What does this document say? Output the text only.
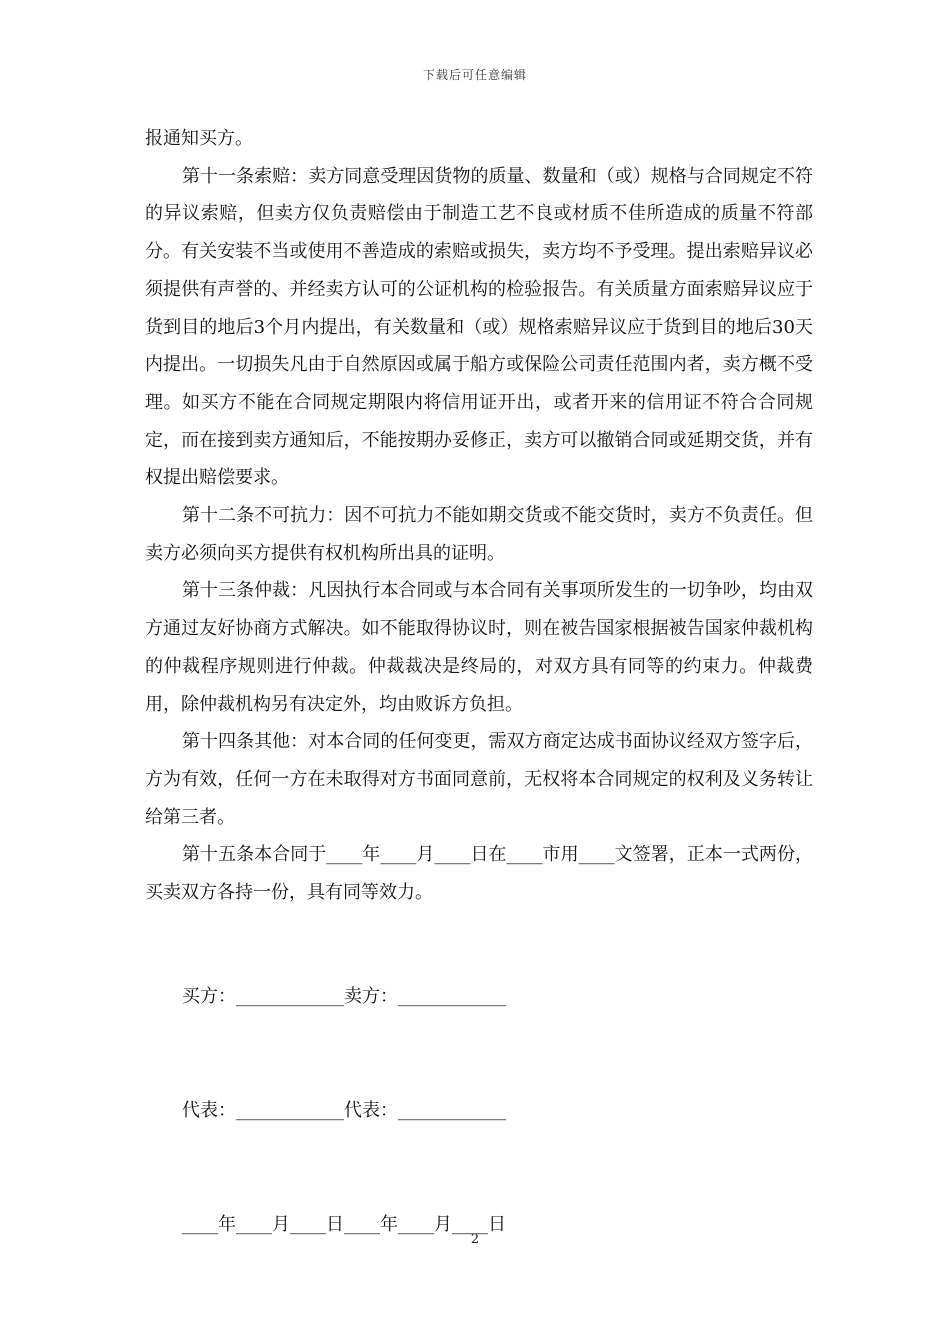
下载后可任意编辑

报通知买方。

第十一条索赔：卖方同意受理因货物的质量、数量和（或）规格与合同规定不符的异议索赔，但卖方仅负责赔偿由于制造工艺不良或材质不佳所造成的质量不符部分。有关安装不当或使用不善造成的索赔或损失，卖方均不予受理。提出索赔异议必须提供有声誉的、并经卖方认可的公证机构的检验报告。有关质量方面索赔异议应于货到目的地后3个月内提出，有关数量和（或）规格索赔异议应于货到目的地后30天内提出。一切损失凡由于自然原因或属于船方或保险公司责任范围内者，卖方概不受理。如买方不能在合同规定期限内将信用证开出，或者开来的信用证不符合合同规定，而在接到卖方通知后，不能按期办妥修正，卖方可以撤销合同或延期交货，并有权提出赔偿要求。

第十二条不可抗力：因不可抗力不能如期交货或不能交货时，卖方不负责任。但卖方必须向买方提供有权机构所出具的证明。

第十三条仲裁：凡因执行本合同或与本合同有关事项所发生的一切争吵，均由双方通过友好协商方式解决。如不能取得协议时，则在被告国家根据被告国家仲裁机构的仲裁程序规则进行仲裁。仲裁裁决是终局的，对双方具有同等的约束力。仲裁费用，除仲裁机构另有决定外，均由败诉方负担。

第十四条其他：对本合同的任何变更，需双方商定达成书面协议经双方签字后，方为有效，任何一方在未取得对方书面同意前，无权将本合同规定的权利及义务转让给第三者。

第十五条本合同于____年____月____日在____市用____文签署，正本一式两份，买卖双方各持一份，具有同等效力。

买方：____________卖方：____________

代表：____________代表：____________

____年____月____日____年____月____日

2
